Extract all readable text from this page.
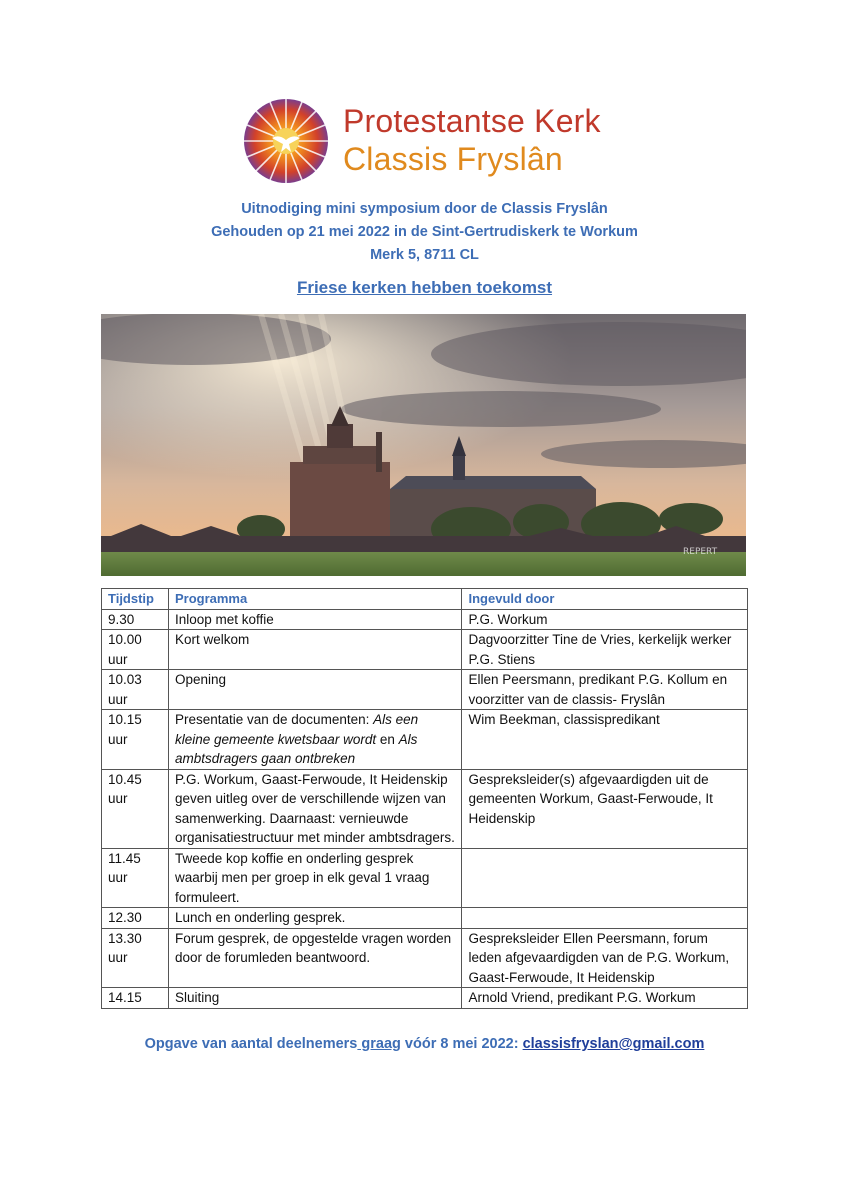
Protestantse Kerk
Classis Fryslân
Uitnodiging mini symposium door de Classis Fryslân
Gehouden op 21 mei 2022 in de Sint-Gertrudiskerk te Workum
Merk 5, 8711 CL
Friese kerken hebben toekomst
REPERT
Tijdstip	Programma	Ingevuld door
9.30	Inloop met koffie	P.G. Workum
10.00 uur	Kort welkom	Dagvoorzitter Tine de Vries, kerkelijk werker P.G. Stiens
10.03 uur	Opening	Ellen Peersmann, predikant P.G. Kollum en voorzitter van de classis- Fryslân
10.15 uur	Presentatie van de documenten: Als een kleine gemeente kwetsbaar wordt en Als ambtsdragers gaan ontbreken	Wim Beekman, classispredikant
10.45 uur	P.G. Workum, Gaast-Ferwoude, It Heidenskip geven uitleg over de verschillende wijzen van samenwerking. Daarnaast: vernieuwde organisatiestructuur met minder ambtsdragers.	Gespreksleider(s) afgevaardigden uit de gemeenten Workum, Gaast-Ferwoude, It Heidenskip
11.45 uur	Tweede kop koffie en onderling gesprek waarbij men per groep in elk geval 1 vraag formuleert.	
12.30	Lunch en onderling gesprek.	
13.30 uur	Forum gesprek, de opgestelde vragen worden door de forumleden beantwoord.	Gespreksleider Ellen Peersmann, forum leden afgevaardigden van de P.G. Workum, Gaast-Ferwoude, It Heidenskip
14.15	Sluiting	Arnold Vriend, predikant P.G. Workum
Opgave van aantal deelnemers graag vóór 8 mei 2022: classisfryslan@gmail.com
